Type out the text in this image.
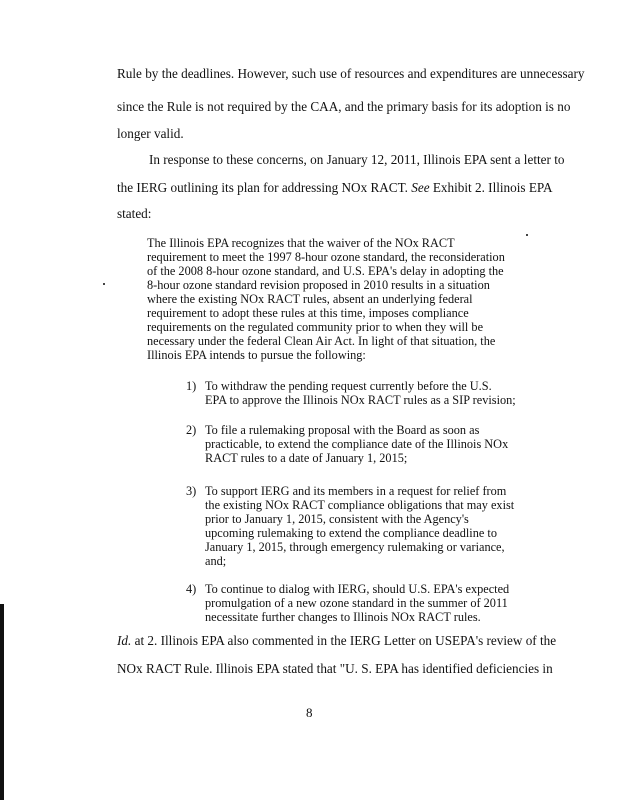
Rule by the deadlines. However, such use of resources and expenditures are unnecessary
since the Rule is not required by the CAA, and the primary basis for its adoption is no
longer valid.
In response to these concerns, on January 12, 2011, Illinois EPA sent a letter to
the IERG outlining its plan for addressing NOx RACT. See Exhibit 2. Illinois EPA
stated:
The Illinois EPA recognizes that the waiver of the NOx RACT
requirement to meet the 1997 8-hour ozone standard, the reconsideration
of the 2008 8-hour ozone standard, and U.S. EPA's delay in adopting the
8-hour ozone standard revision proposed in 2010 results in a situation
where the existing NOx RACT rules, absent an underlying federal
requirement to adopt these rules at this time, imposes compliance
requirements on the regulated community prior to when they will be
necessary under the federal Clean Air Act. In light of that situation, the
Illinois EPA intends to pursue the following:
1) To withdraw the pending request currently before the U.S.
EPA to approve the Illinois NOx RACT rules as a SIP revision;
2) To file a rulemaking proposal with the Board as soon as
practicable, to extend the compliance date of the Illinois NOx
RACT rules to a date of January 1, 2015;
3) To support IERG and its members in a request for relief from
the existing NOx RACT compliance obligations that may exist
prior to January 1, 2015, consistent with the Agency's
upcoming rulemaking to extend the compliance deadline to
January 1, 2015, through emergency rulemaking or variance,
and;
4) To continue to dialog with IERG, should U.S. EPA's expected
promulgation of a new ozone standard in the summer of 2011
necessitate further changes to Illinois NOx RACT rules.
Id. at 2. Illinois EPA also commented in the IERG Letter on USEPA's review of the
NOx RACT Rule. Illinois EPA stated that "U. S. EPA has identified deficiencies in
8
